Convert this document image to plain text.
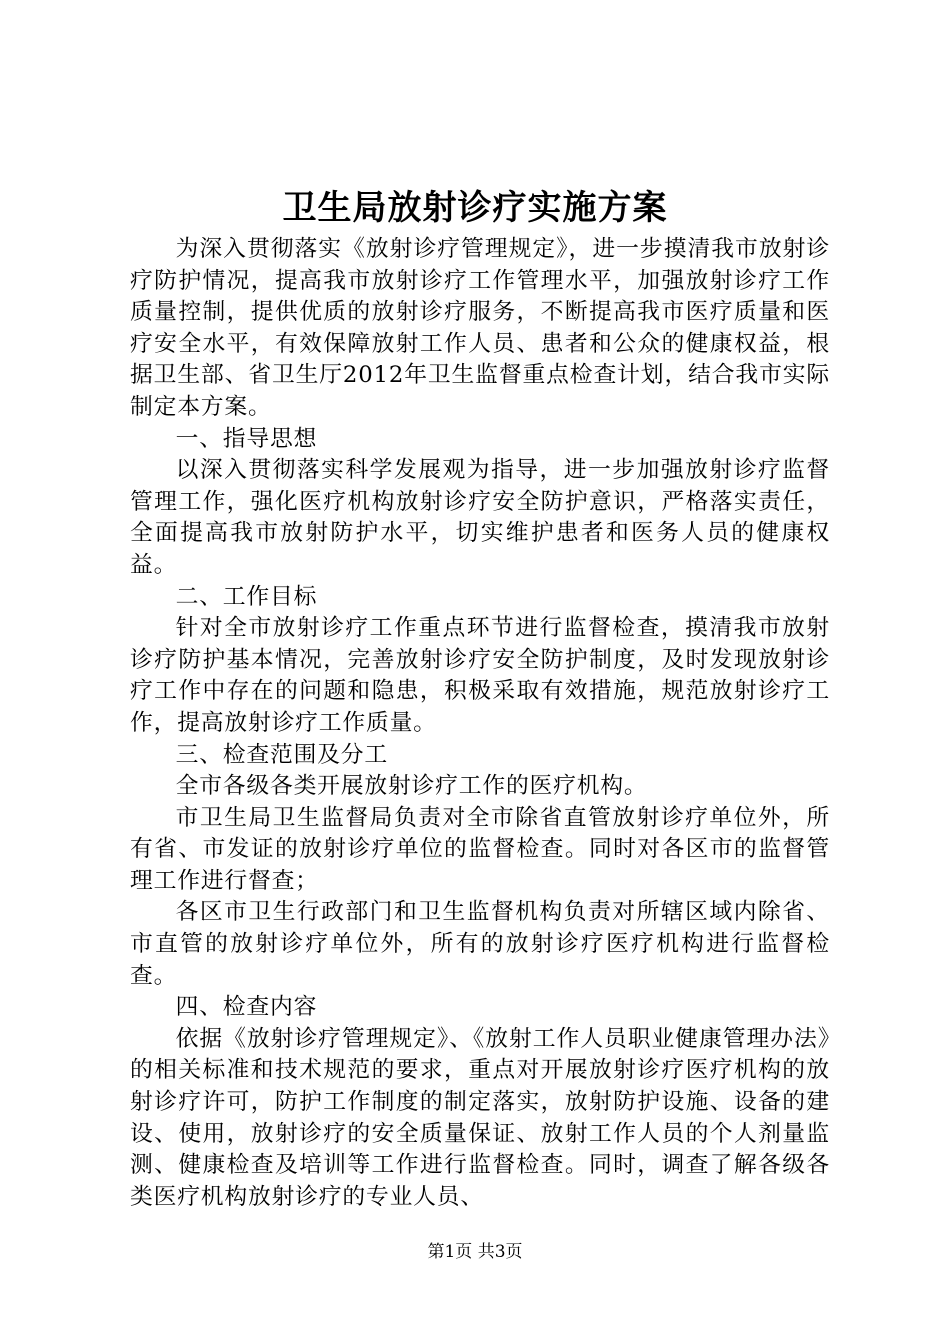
卫生局放射诊疗实施方案

为深入贯彻落实《放射诊疗管理规定》，进一步摸清我市放射诊疗防护情况，提高我市放射诊疗工作管理水平，加强放射诊疗工作质量控制，提供优质的放射诊疗服务，不断提高我市医疗质量和医疗安全水平，有效保障放射工作人员、患者和公众的健康权益，根据卫生部、省卫生厅2012年卫生监督重点检查计划，结合我市实际制定本方案。

一、指导思想

以深入贯彻落实科学发展观为指导，进一步加强放射诊疗监督管理工作，强化医疗机构放射诊疗安全防护意识，严格落实责任，全面提高我市放射防护水平，切实维护患者和医务人员的健康权益。

二、工作目标

针对全市放射诊疗工作重点环节进行监督检查，摸清我市放射诊疗防护基本情况，完善放射诊疗安全防护制度，及时发现放射诊疗工作中存在的问题和隐患，积极采取有效措施，规范放射诊疗工作，提高放射诊疗工作质量。

三、检查范围及分工

全市各级各类开展放射诊疗工作的医疗机构。

市卫生局卫生监督局负责对全市除省直管放射诊疗单位外，所有省、市发证的放射诊疗单位的监督检查。同时对各区市的监督管理工作进行督查；

各区市卫生行政部门和卫生监督机构负责对所辖区域内除省、市直管的放射诊疗单位外，所有的放射诊疗医疗机构进行监督检查。

四、检查内容

依据《放射诊疗管理规定》、《放射工作人员职业健康管理办法》的相关标准和技术规范的要求，重点对开展放射诊疗医疗机构的放射诊疗许可，防护工作制度的制定落实，放射防护设施、设备的建设、使用，放射诊疗的安全质量保证、放射工作人员的个人剂量监测、健康检查及培训等工作进行监督检查。同时，调查了解各级各类医疗机构放射诊疗的专业人员、

第1页 共3页
